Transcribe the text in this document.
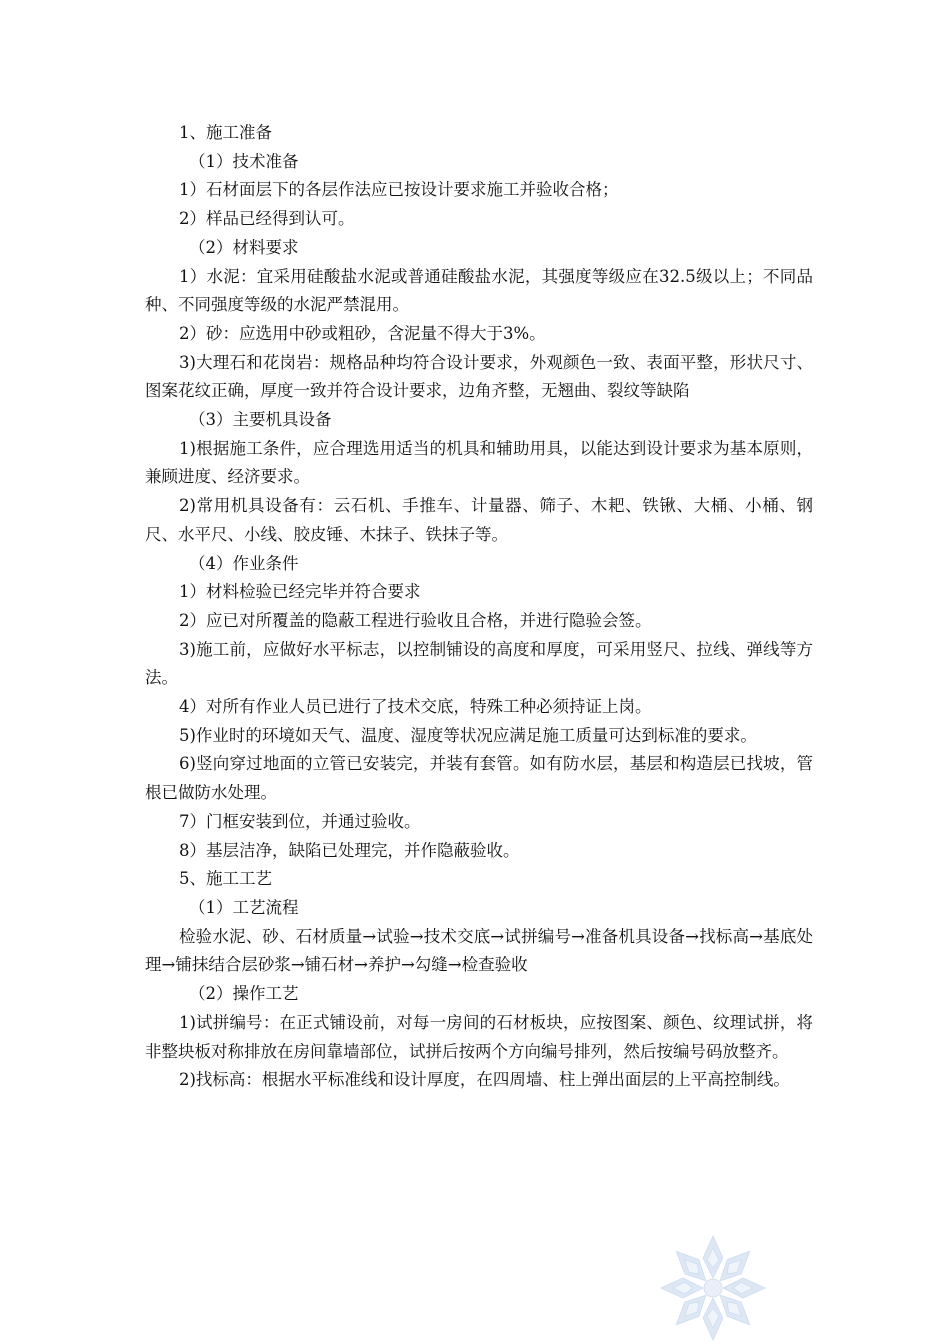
1、施工准备

（1）技术准备

1）石材面层下的各层作法应已按设计要求施工并验收合格；

2）样品已经得到认可。

（2）材料要求

1）水泥：宜采用硅酸盐水泥或普通硅酸盐水泥，其强度等级应在32.5级以上；不同品种、不同强度等级的水泥严禁混用。

2）砂：应选用中砂或粗砂，含泥量不得大于3%。

3)大理石和花岗岩：规格品种均符合设计要求，外观颜色一致、表面平整，形状尺寸、图案花纹正确，厚度一致并符合设计要求，边角齐整，无翘曲、裂纹等缺陷

（3）主要机具设备

1)根据施工条件，应合理选用适当的机具和辅助用具，以能达到设计要求为基本原则，兼顾进度、经济要求。

2)常用机具设备有：云石机、手推车、计量器、筛子、木耙、铁锹、大桶、小桶、钢尺、水平尺、小线、胶皮锤、木抹子、铁抹子等。

（4）作业条件

1）材料检验已经完毕并符合要求

2）应已对所覆盖的隐蔽工程进行验收且合格，并进行隐验会签。

3)施工前，应做好水平标志，以控制铺设的高度和厚度，可采用竖尺、拉线、弹线等方法。

4）对所有作业人员已进行了技术交底，特殊工种必须持证上岗。

5)作业时的环境如天气、温度、湿度等状况应满足施工质量可达到标准的要求。

6)竖向穿过地面的立管已安装完，并装有套管。如有防水层，基层和构造层已找坡，管根已做防水处理。

7）门框安装到位，并通过验收。

8）基层洁净，缺陷已处理完，并作隐蔽验收。

5、施工工艺

（1）工艺流程

检验水泥、砂、石材质量→试验→技术交底→试拼编号→准备机具设备→找标高→基底处理→铺抹结合层砂浆→铺石材→养护→勾缝→检查验收

（2）操作工艺

1)试拼编号：在正式铺设前，对每一房间的石材板块，应按图案、颜色、纹理试拼，将非整块板对称排放在房间靠墙部位，试拼后按两个方向编号排列，然后按编号码放整齐。

2)找标高：根据水平标准线和设计厚度，在四周墙、柱上弹出面层的上平高控制线。
